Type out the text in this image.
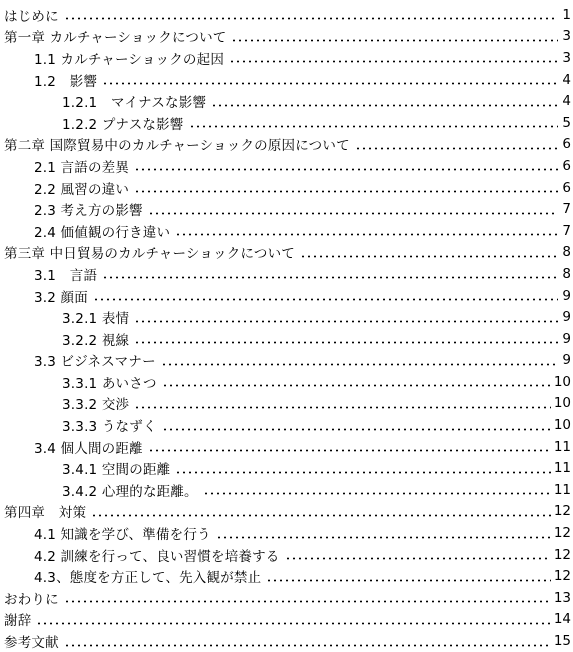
はじめに	1
第一章 カルチャーショックについて	3
1.1 カルチャーショックの起因	3
1.2　影響	4
1.2.1　マイナスな影響	4
1.2.2 プナスな影響	5
第二章 国際貿易中のカルチャーショックの原因について	6
2.1 言語の差異	6
2.2 風習の違い	6
2.3 考え方の影響	7
2.4 価値観の行き違い	7
第三章 中日貿易のカルチャーショックについて	8
3.1　言語	8
3.2 顔面	9
3.2.1 表情	9
3.2.2 視線	9
3.3 ビジネスマナー	9
3.3.1 あいさつ	10
3.3.2 交渉	10
3.3.3 うなずく	10
3.4 個人間の距離	11
3.4.1 空間の距離	11
3.4.2 心理的な距離。	11
第四章　対策	12
4.1 知識を学び、準備を行う	12
4.2 訓練を行って、良い習慣を培養する	12
4.3、態度を方正して、先入観が禁止	12
おわりに	13
謝辞	14
参考文献	15
